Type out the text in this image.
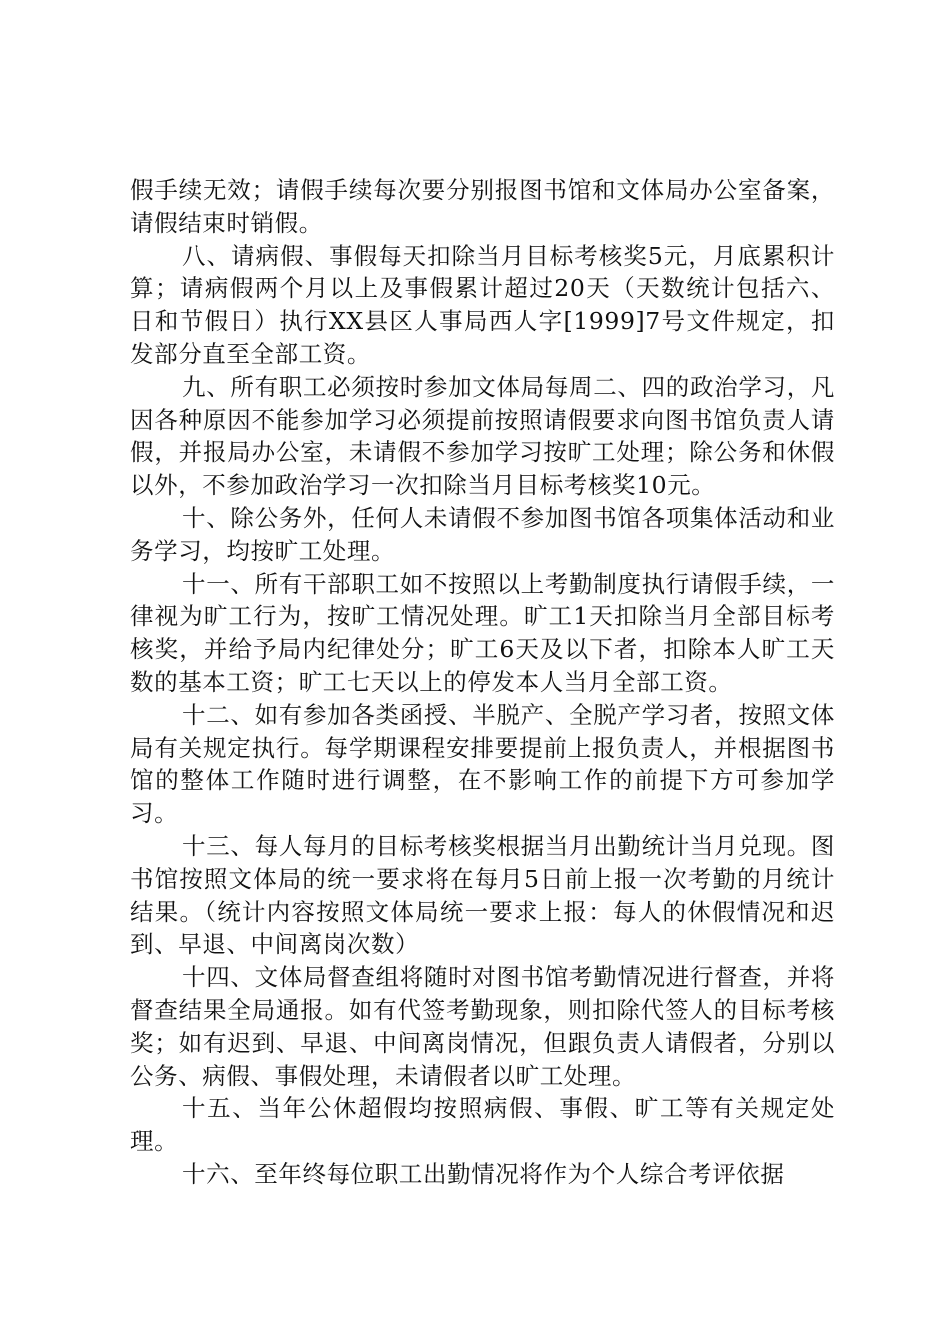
假手续无效；请假手续每次要分别报图书馆和文体局办公室备案，请假结束时销假。

八、请病假、事假每天扣除当月目标考核奖5元，月底累积计算；请病假两个月以上及事假累计超过20天（天数统计包括六、日和节假日）执行XX县区人事局西人字[1999]7号文件规定，扣发部分直至全部工资。

九、所有职工必须按时参加文体局每周二、四的政治学习，凡因各种原因不能参加学习必须提前按照请假要求向图书馆负责人请假，并报局办公室，未请假不参加学习按旷工处理；除公务和休假以外，不参加政治学习一次扣除当月目标考核奖10元。

十、除公务外，任何人未请假不参加图书馆各项集体活动和业务学习，均按旷工处理。

十一、所有干部职工如不按照以上考勤制度执行请假手续，一律视为旷工行为，按旷工情况处理。旷工1天扣除当月全部目标考核奖，并给予局内纪律处分；旷工6天及以下者，扣除本人旷工天数的基本工资；旷工七天以上的停发本人当月全部工资。

十二、如有参加各类函授、半脱产、全脱产学习者，按照文体局有关规定执行。每学期课程安排要提前上报负责人，并根据图书馆的整体工作随时进行调整，在不影响工作的前提下方可参加学习。

十三、每人每月的目标考核奖根据当月出勤统计当月兑现。图书馆按照文体局的统一要求将在每月5日前上报一次考勤的月统计结果。（统计内容按照文体局统一要求上报：每人的休假情况和迟到、早退、中间离岗次数）

十四、文体局督查组将随时对图书馆考勤情况进行督查，并将督查结果全局通报。如有代签考勤现象，则扣除代签人的目标考核奖；如有迟到、早退、中间离岗情况，但跟负责人请假者，分别以公务、病假、事假处理，未请假者以旷工处理。

十五、当年公休超假均按照病假、事假、旷工等有关规定处理。

十六、至年终每位职工出勤情况将作为个人综合考评依据
